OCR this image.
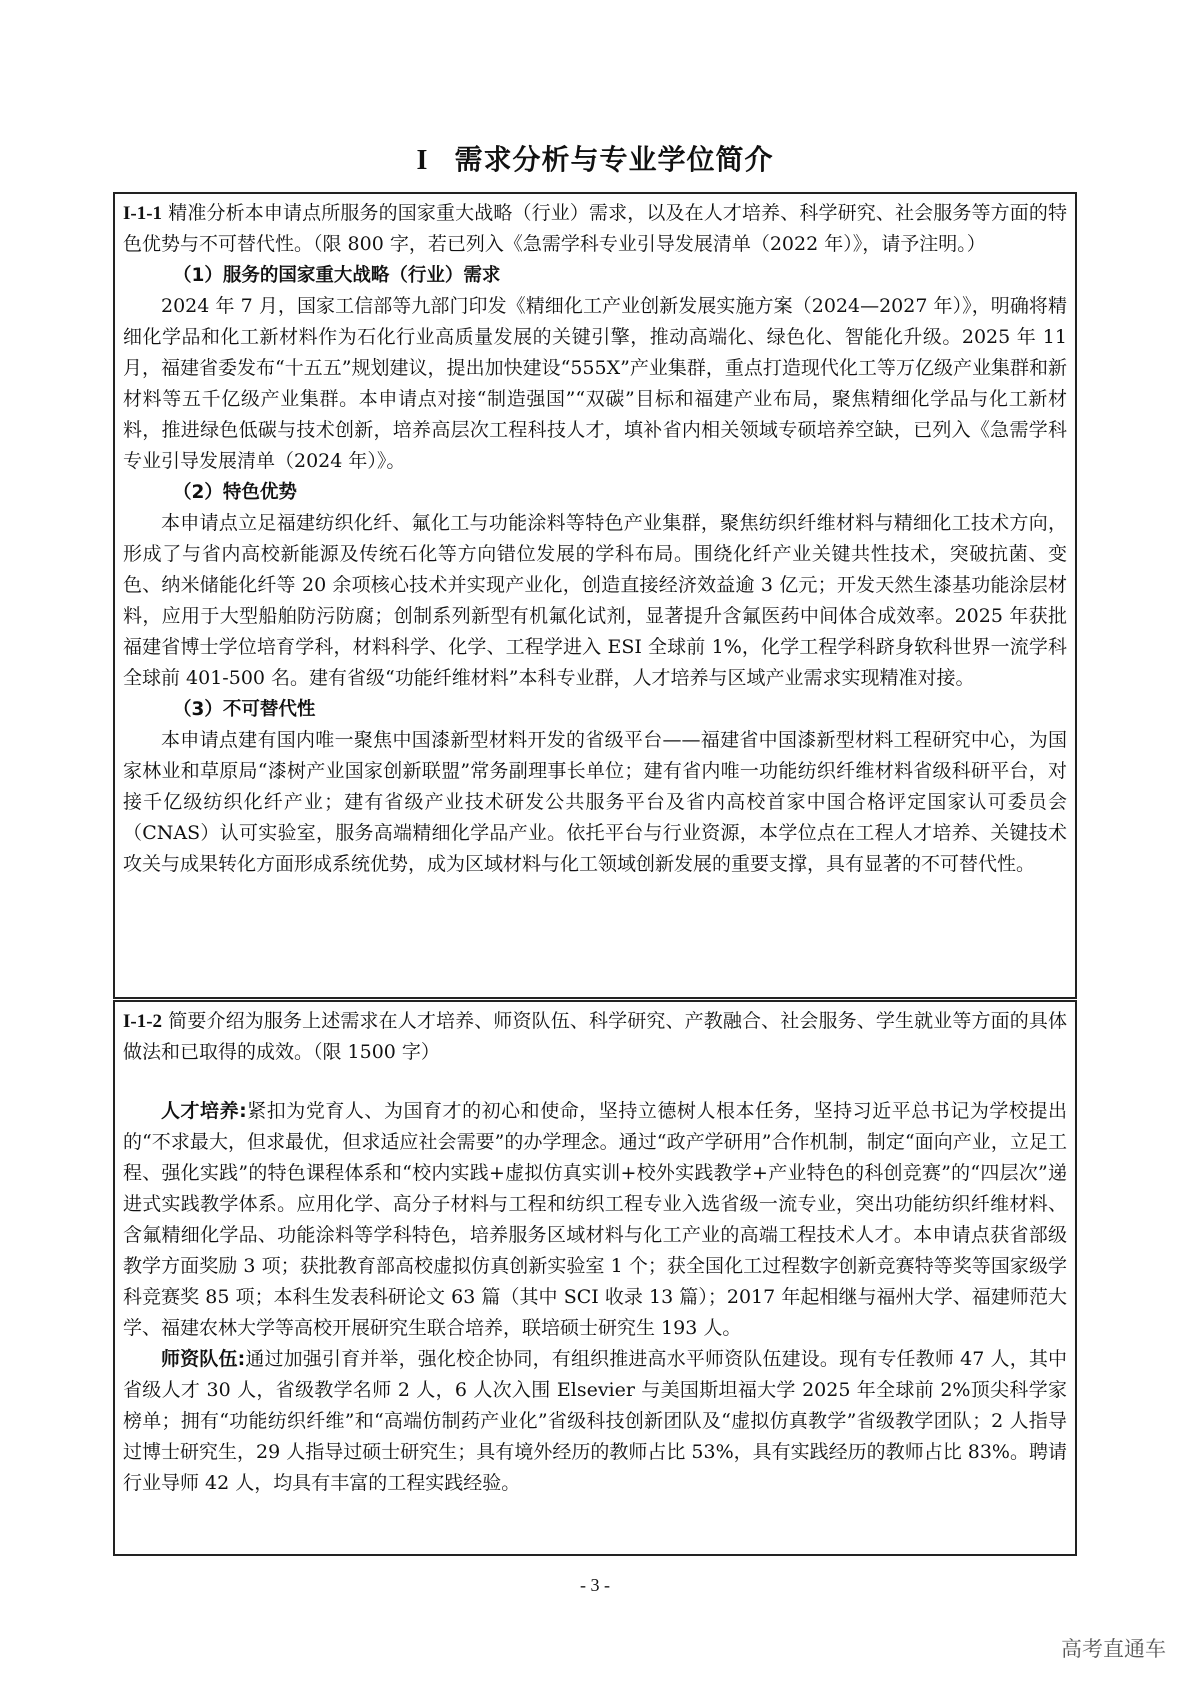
I 需求分析与专业学位简介

I-1-1 精准分析本申请点所服务的国家重大战略（行业）需求，以及在人才培养、科学研究、社会服务等方面的特色优势与不可替代性。（限 800 字，若已列入《急需学科专业引导发展清单（2022 年）》，请予注明。）

（1）服务的国家重大战略（行业）需求

2024 年 7 月，国家工信部等九部门印发《精细化工产业创新发展实施方案（2024—2027 年）》，明确将精细化学品和化工新材料作为石化行业高质量发展的关键引擎，推动高端化、绿色化、智能化升级。2025 年 11 月，福建省委发布“十五五”规划建议，提出加快建设“555X”产业集群，重点打造现代化工等万亿级产业集群和新材料等五千亿级产业集群。本申请点对接“制造强国”“双碳”目标和福建产业布局，聚焦精细化学品与化工新材料，推进绿色低碳与技术创新，培养高层次工程科技人才，填补省内相关领域专硕培养空缺，已列入《急需学科专业引导发展清单（2024 年）》。

（2）特色优势

本申请点立足福建纺织化纤、氟化工与功能涂料等特色产业集群，聚焦纺织纤维材料与精细化工技术方向，形成了与省内高校新能源及传统石化等方向错位发展的学科布局。围绕化纤产业关键共性技术，突破抗菌、变色、纳米储能化纤等 20 余项核心技术并实现产业化，创造直接经济效益逾 3 亿元；开发天然生漆基功能涂层材料，应用于大型船舶防污防腐；创制系列新型有机氟化试剂，显著提升含氟医药中间体合成效率。2025 年获批福建省博士学位培育学科，材料科学、化学、工程学进入 ESI 全球前 1%，化学工程学科跻身软科世界一流学科全球前 401-500 名。建有省级“功能纤维材料”本科专业群，人才培养与区域产业需求实现精准对接。

（3）不可替代性

本申请点建有国内唯一聚焦中国漆新型材料开发的省级平台——福建省中国漆新型材料工程研究中心，为国家林业和草原局“漆树产业国家创新联盟”常务副理事长单位；建有省内唯一功能纺织纤维材料省级科研平台，对接千亿级纺织化纤产业；建有省级产业技术研发公共服务平台及省内高校首家中国合格评定国家认可委员会（CNAS）认可实验室，服务高端精细化学品产业。依托平台与行业资源，本学位点在工程人才培养、关键技术攻关与成果转化方面形成系统优势，成为区域材料与化工领域创新发展的重要支撑，具有显著的不可替代性。

I-1-2 简要介绍为服务上述需求在人才培养、师资队伍、科学研究、产教融合、社会服务、学生就业等方面的具体做法和已取得的成效。（限 1500 字）

人才培养:紧扣为党育人、为国育才的初心和使命，坚持立德树人根本任务，坚持习近平总书记为学校提出的“不求最大，但求最优，但求适应社会需要”的办学理念。通过“政产学研用”合作机制，制定“面向产业，立足工程、强化实践”的特色课程体系和“校内实践+虚拟仿真实训+校外实践教学+产业特色的科创竞赛”的“四层次”递进式实践教学体系。应用化学、高分子材料与工程和纺织工程专业入选省级一流专业，突出功能纺织纤维材料、含氟精细化学品、功能涂料等学科特色，培养服务区域材料与化工产业的高端工程技术人才。本申请点获省部级教学方面奖励 3 项；获批教育部高校虚拟仿真创新实验室 1 个；获全国化工过程数字创新竞赛特等奖等国家级学科竞赛奖 85 项；本科生发表科研论文 63 篇（其中 SCI 收录 13 篇）；2017 年起相继与福州大学、福建师范大学、福建农林大学等高校开展研究生联合培养，联培硕士研究生 193 人。

师资队伍:通过加强引育并举，强化校企协同，有组织推进高水平师资队伍建设。现有专任教师 47 人，其中省级人才 30 人，省级教学名师 2 人，6 人次入围 Elsevier 与美国斯坦福大学 2025 年全球前 2%顶尖科学家榜单；拥有“功能纺织纤维”和“高端仿制药产业化”省级科技创新团队及“虚拟仿真教学”省级教学团队；2 人指导过博士研究生，29 人指导过硕士研究生；具有境外经历的教师占比 53%，具有实践经历的教师占比 83%。聘请行业导师 42 人，均具有丰富的工程实践经验。

- 3 -
高考直通车
